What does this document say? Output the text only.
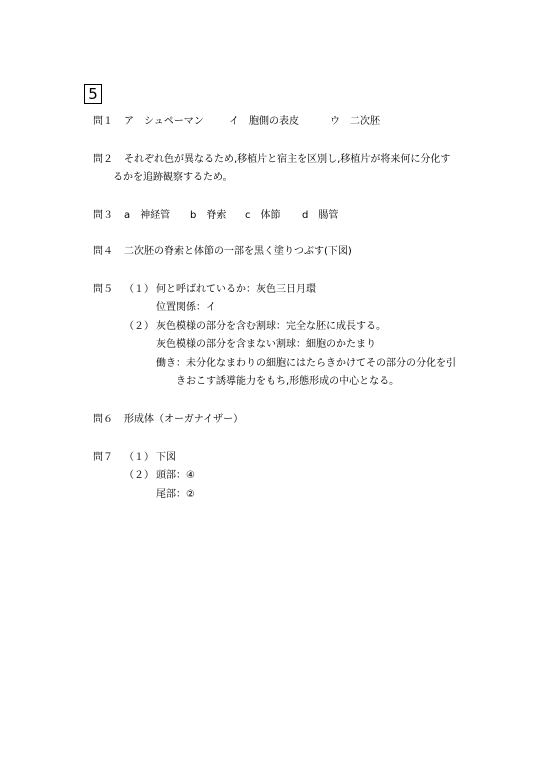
5
問１ ア　シュペーマン	イ　胞側の表皮	ウ　二次胚
問２ それぞれ色が異なるため,移植片と宿主を区別し,移植片が将来何に分化す
るかを追跡観察するため。
問３ a　神経管 b　脊索 c　体節 d　腸管
問４ 二次胚の脊索と体節の一部を黒く塗りつぶす(下図)
問５ （１） 何と呼ばれているか：灰色三日月環
位置関係：イ
（２） 灰色模様の部分を含む割球：完全な胚に成長する。
灰色模様の部分を含まない割球：細胞のかたまり
働き：未分化なまわりの細胞にはたらきかけてその部分の分化を引
きおこす誘導能力をもち,形態形成の中心となる。
問６ 形成体（オーガナイザー）
問７ （１） 下図
（２） 頭部：④
尾部：②
